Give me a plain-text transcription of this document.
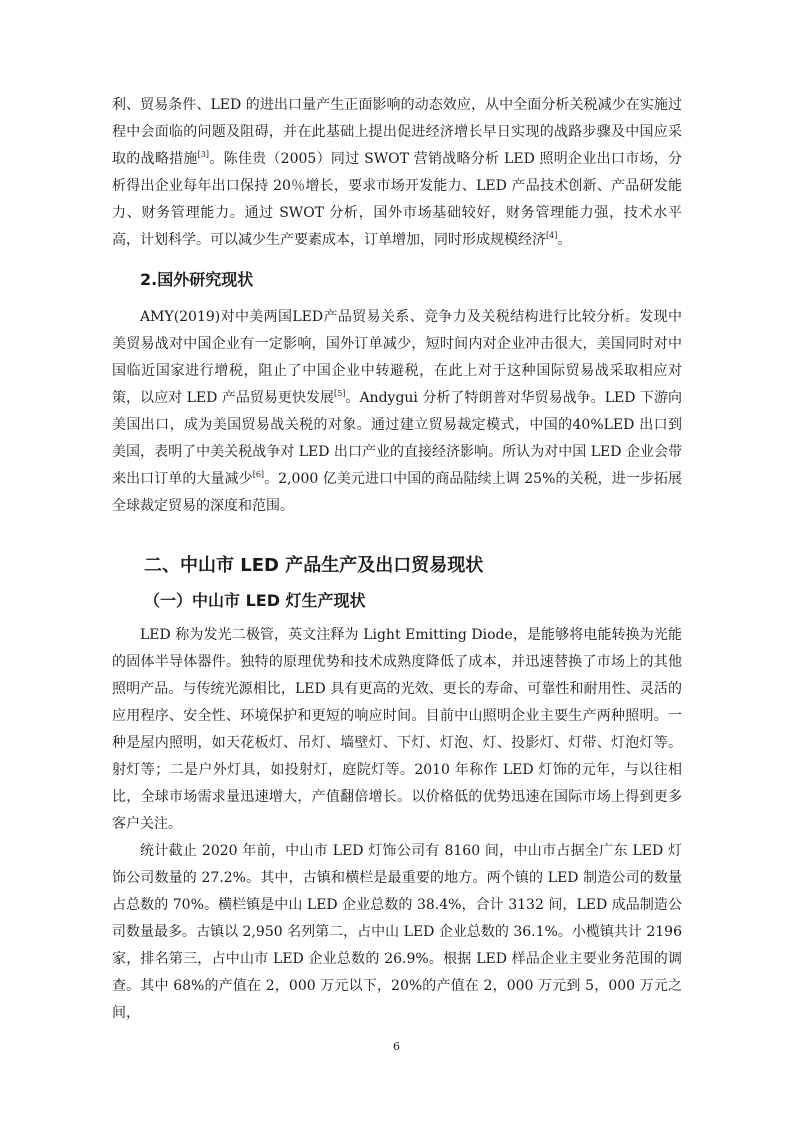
利、贸易条件、LED 的进出口量产生正面影响的动态效应，从中全面分析关税减少在实施过程中会面临的问题及阻碍，并在此基础上提出促进经济增长早日实现的战路步骤及中国应采取的战略措施[3]。陈佳贵（2005）同过 SWOT 营销战略分析 LED 照明企业出口市场，分析得出企业每年出口保持 20％增长，要求市场开发能力、LED 产品技术创新、产品研发能力、财务管理能力。通过 SWOT 分析，国外市场基础较好，财务管理能力强，技术水平高，计划科学。可以减少生产要素成本，订单增加，同时形成规模经济[4]。

2.国外研究现状

AMY(2019)对中美两国LED产品贸易关系、竞争力及关税结构进行比较分析。发现中美贸易战对中国企业有一定影响，国外订单减少，短时间内对企业冲击很大，美国同时对中国临近国家进行增税，阻止了中国企业中转避税，在此上对于这种国际贸易战采取相应对策，以应对 LED 产品贸易更快发展[5]。Andygui 分析了特朗普对华贸易战争。LED 下游向美国出口，成为美国贸易战关税的对象。通过建立贸易裁定模式，中国的40%LED 出口到美国，表明了中美关税战争对 LED 出口产业的直接经济影响。所认为对中国 LED 企业会带来出口订单的大量减少[6]。2,000 亿美元进口中国的商品陆续上调 25%的关税，进一步拓展全球裁定贸易的深度和范围。

二、中山市 LED 产品生产及出口贸易现状
（一）中山市 LED 灯生产现状

LED 称为发光二极管，英文注释为 Light Emitting Diode，是能够将电能转换为光能的固体半导体器件。独特的原理优势和技术成熟度降低了成本，并迅速替换了市场上的其他照明产品。与传统光源相比，LED 具有更高的光效、更长的寿命、可靠性和耐用性、灵活的应用程序、安全性、环境保护和更短的响应时间。目前中山照明企业主要生产两种照明。一种是屋内照明，如天花板灯、吊灯、墙壁灯、下灯、灯泡、灯、投影灯、灯带、灯泡灯等。射灯等；二是户外灯具，如投射灯，庭院灯等。2010 年称作 LED 灯饰的元年，与以往相比，全球市场需求量迅速增大，产值翻倍增长。以价格低的优势迅速在国际市场上得到更多客户关注。

统计截止 2020 年前，中山市 LED 灯饰公司有 8160 间，中山市占据全广东 LED 灯饰公司数量的 27.2%。其中，古镇和横栏是最重要的地方。两个镇的 LED 制造公司的数量占总数的 70%。横栏镇是中山 LED 企业总数的 38.4%，合计 3132 间，LED 成品制造公司数量最多。古镇以 2,950 名列第二，占中山 LED 企业总数的 36.1%。小榄镇共计 2196 家，排名第三，占中山市 LED 企业总数的 26.9%。根据 LED 样品企业主要业务范围的调查。其中 68%的产值在 2，000 万元以下，20%的产值在 2，000 万元到 5，000 万元之间，

6
